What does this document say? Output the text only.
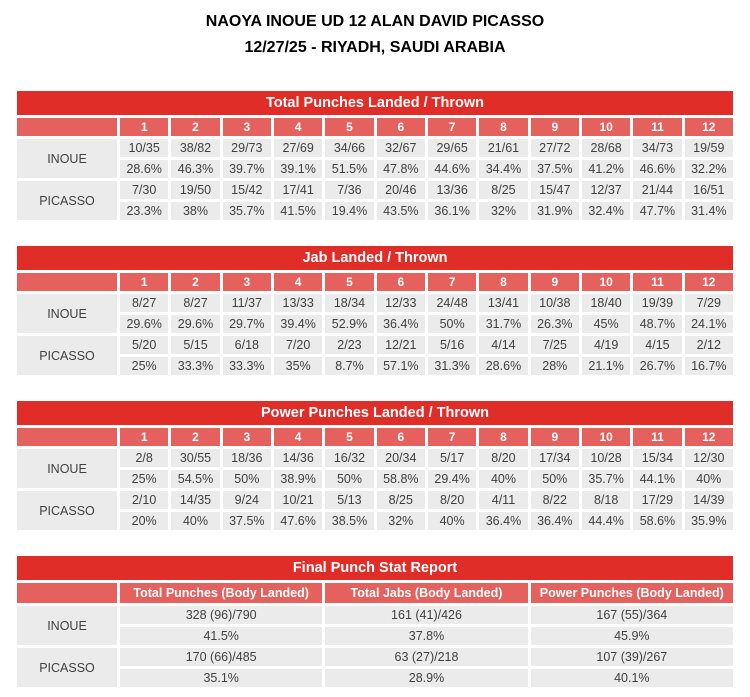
NAOYA INOUE UD 12 ALAN DAVID PICASSO
12/27/25 - RIYADH, SAUDI ARABIA
Total Punches Landed / Thrown												
	1	2	3	4	5	6	7	8	9	10	11	12
INOUE	10/35	38/82	29/73	27/69	34/66	32/67	29/65	21/61	27/72	28/68	34/73	19/59
	28.6%	46.3%	39.7%	39.1%	51.5%	47.8%	44.6%	34.4%	37.5%	41.2%	46.6%	32.2%
PICASSO	7/30	19/50	15/42	17/41	7/36	20/46	13/36	8/25	15/47	12/37	21/44	16/51
	23.3%	38%	35.7%	41.5%	19.4%	43.5%	36.1%	32%	31.9%	32.4%	47.7%	31.4%
Jab Landed / Thrown												
	1	2	3	4	5	6	7	8	9	10	11	12
INOUE	8/27	8/27	11/37	13/33	18/34	12/33	24/48	13/41	10/38	18/40	19/39	7/29
	29.6%	29.6%	29.7%	39.4%	52.9%	36.4%	50%	31.7%	26.3%	45%	48.7%	24.1%
PICASSO	5/20	5/15	6/18	7/20	2/23	12/21	5/16	4/14	7/25	4/19	4/15	2/12
	25%	33.3%	33.3%	35%	8.7%	57.1%	31.3%	28.6%	28%	21.1%	26.7%	16.7%
Power Punches Landed / Thrown												
	1	2	3	4	5	6	7	8	9	10	11	12
INOUE	2/8	30/55	18/36	14/36	16/32	20/34	5/17	8/20	17/34	10/28	15/34	12/30
	25%	54.5%	50%	38.9%	50%	58.8%	29.4%	40%	50%	35.7%	44.1%	40%
PICASSO	2/10	14/35	9/24	10/21	5/13	8/25	8/20	4/11	8/22	8/18	17/29	14/39
	20%	40%	37.5%	47.6%	38.5%	32%	40%	36.4%	36.4%	44.4%	58.6%	35.9%
Final Punch Stat Report			
	Total Punches (Body Landed)	Total Jabs (Body Landed)	Power Punches (Body Landed)
INOUE	328 (96)/790	161 (41)/426	167 (55)/364
	41.5%	37.8%	45.9%
PICASSO	170 (66)/485	63 (27)/218	107 (39)/267
	35.1%	28.9%	40.1%
